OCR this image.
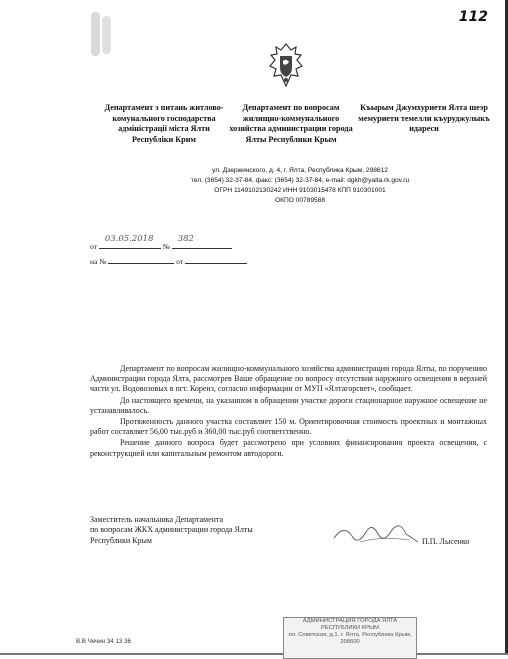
112
Департамент з питань житлово-комунального господарства адміністрації міста Ялти Республіки Крим
Департамент по вопросам жилищно-коммунального хозяйства администрации города Ялты Республики Крым
Къырым Джумхуриети Ялта шеэр мемуриети темелли къуруджулыкъ идареси
ул. Дзержинского, д. 4, г. Ялта, Республика Крым, 298612
тел. (3654) 32-37-84, факс: (3654) 32-37-84, e-mail: dgkh@yalta.rk.gov.ru
ОГРН 1149102130242 ИНН 9103015478 КПП 910301001
ОКПО 00789588
от
03.05.2018
№
382
на №	от

Департамент по вопросам жилищно-коммунального хозяйства администрации города Ялты, по поручению Администрации города Ялта, рассмотрев Ваше обращение по вопросу отсутствия наружного освещения в верхней части ул. Водовозовых в пгт. Кореиз, согласно информации от МУП «Ялтагорсвет», сообщает.

До настоящего времени, на указанном в обращении участке дороги стационарное наружное освещение не устанавливалось.

Протяженность данного участка составляет 150 м. Ориентировочная стоимость проектных и монтажных работ составляет 56,00 тыс.руб и 360,00 тыс.руб соответственно.

Решение данного вопроса будет рассмотрено при условиях финансирования проекта освещения, с реконструкцией или капитальным ремонтом автодороги.

Заместитель начальника Департамента
по вопросам ЖКХ администрации города Ялты
Республики Крым	П.П. Лысенко
В.В Чечин 34 13 36
АДМИНИСТРАЦИЯ ГОРОДА ЯЛТА
РЕСПУБЛИКИ КРЫМ
пл. Советская, д.1, г. Ялта, Республика Крым, 298600
